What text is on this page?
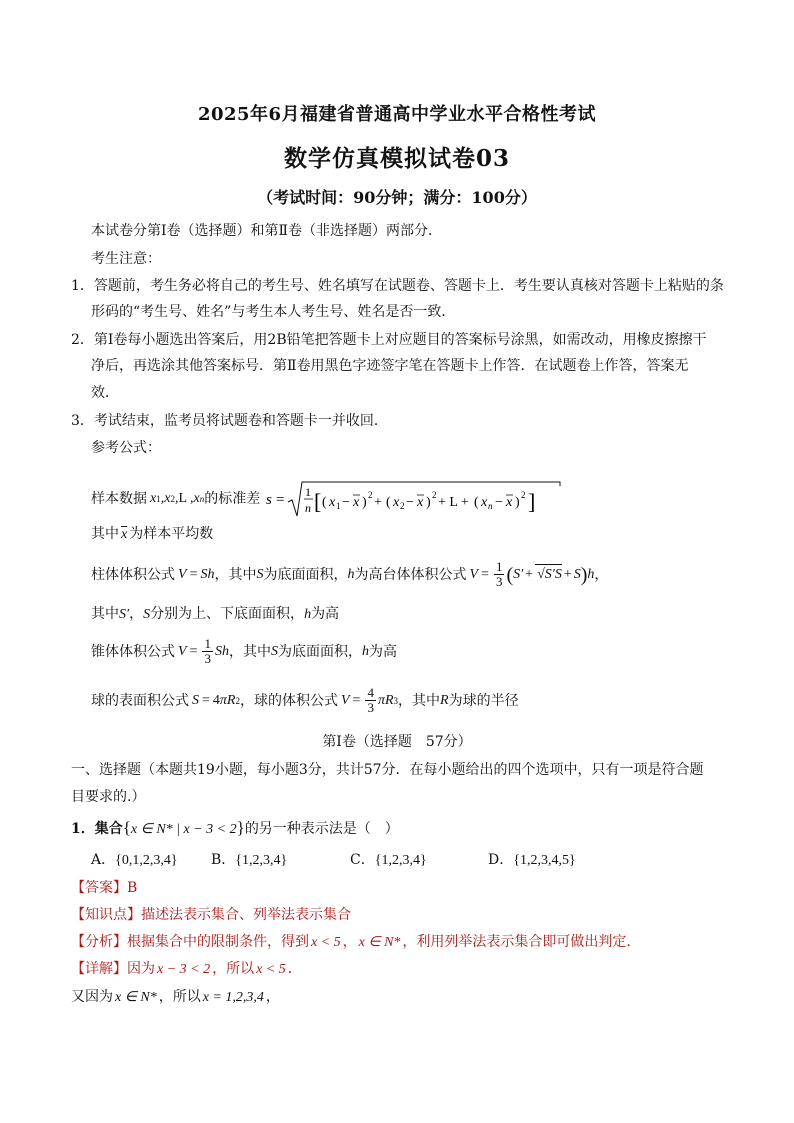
2025年6月福建省普通高中学业水平合格性考试
数学仿真模拟试卷03
（考试时间：90分钟；满分：100分）
本试卷分第Ⅰ卷（选择题）和第Ⅱ卷（非选择题）两部分．
考生注意：
1．答题前，考生务必将自己的考生号、姓名填写在试题卷、答题卡上．考生要认真核对答题卡上粘贴的条
形码的“考生号、姓名”与考生本人考生号、姓名是否一致．
2．第Ⅰ卷每小题选出答案后，用2B铅笔把答题卡上对应题目的答案标号涂黑，如需改动，用橡皮擦擦干
净后，再选涂其他答案标号．第Ⅱ卷用黑色字迹签字笔在答题卡上作答．在试题卷上作答，答案无
效．
3．考试结束，监考员将试题卷和答题卡一并收回．
参考公式：
样本数据 x 1 , x 2 ,L , x n 的标准差 s = 1
n [ ( x 1 − x ) 2 + ( x 2 − x ) 2 + L + ( x n − x ) 2 ]
其中 $\overline{x}$ 为样本平均数
柱体体积公式 V = Sh ，其中 S 为底面面积， h 为高台体体积公式 $V = \frac{1}{3}$ ( S′ + √S′S + S ) h ，
其中S′，S分别为上、下底面面积，h为高
锥体体积公式 $V = \frac{1}{3}$ Sh ，其中 S 为底面面积， h 为高
球的表面积公式 S = 4 πR 2 ，球的体积公式 $V = \frac{4}{3}$ πR 3 ，其中 R 为球的半径
第Ⅰ卷（选择题　57分）
一、选择题（本题共19小题，每小题3分，共计57分．在每小题给出的四个选项中，只有一项是符合题
目要求的.）
1．集合{x ∈ N* | x − 3 < 2}的另一种表示法是（　）
A．{0,1,2,3,4} B．{1,2,3,4}	C．{1,2,3,4}	D．{1,2,3,4,5}
【答案】B
【知识点】描述法表示集合、列举法表示集合
【分析】根据集合中的限制条件，得到 x < 5 ， x ∈ N* ，利用列举法表示集合即可做出判定.
【详解】因为 x − 3 < 2 ，所以 x < 5 ．
又因为 x ∈ N* ，所以 x = 1,2,3,4 ，
